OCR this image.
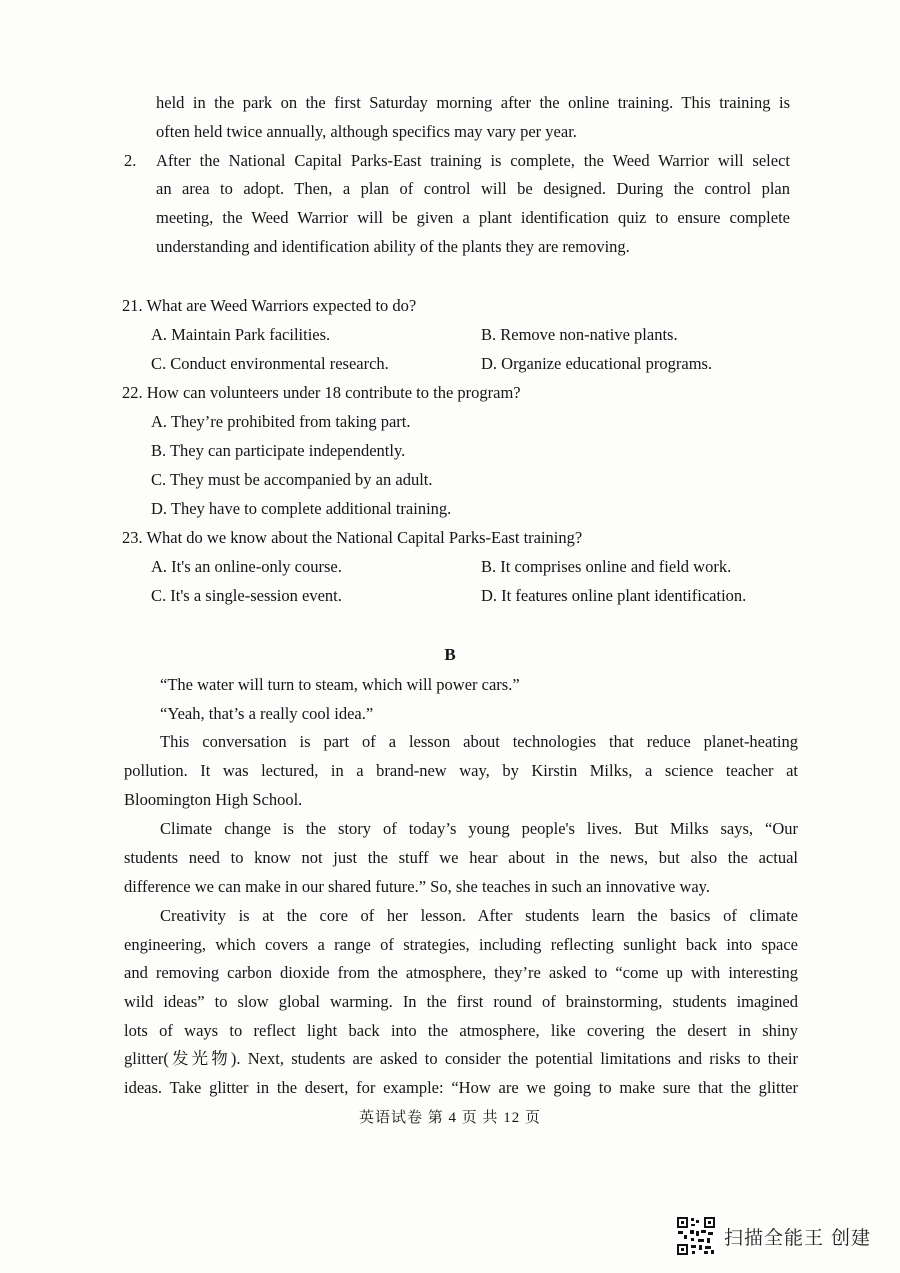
held in the park on the first Saturday morning after the online training. This training is
often held twice annually, although specifics may vary per year.
2. After the National Capital Parks-East training is complete, the Weed Warrior will select
an area to adopt. Then, a plan of control will be designed. During the control plan
meeting, the Weed Warrior will be given a plant identification quiz to ensure complete
understanding and identification ability of the plants they are removing.
21. What are Weed Warriors expected to do?
A. Maintain Park facilities.	B. Remove non-native plants.
C. Conduct environmental research.	D. Organize educational programs.
22. How can volunteers under 18 contribute to the program?
A. They’re prohibited from taking part.
B. They can participate independently.
C. They must be accompanied by an adult.
D. They have to complete additional training.
23. What do we know about the National Capital Parks-East training?
A. It's an online-only course.	B. It comprises online and field work.
C. It's a single-session event.	D. It features online plant identification.
B
“The water will turn to steam, which will power cars.”
“Yeah, that’s a really cool idea.”
This conversation is part of a lesson about technologies that reduce planet-heating
pollution. It was lectured, in a brand-new way, by Kirstin Milks, a science teacher at
Bloomington High School.
Climate change is the story of today’s young people's lives. But Milks says, “Our
students need to know not just the stuff we hear about in the news, but also the actual
difference we can make in our shared future.” So, she teaches in such an innovative way.
Creativity is at the core of her lesson. After students learn the basics of climate
engineering, which covers a range of strategies, including reflecting sunlight back into space
and removing carbon dioxide from the atmosphere, they’re asked to “come up with interesting
wild ideas” to slow global warming. In the first round of brainstorming, students imagined
lots of ways to reflect light back into the atmosphere, like covering the desert in shiny
glitter(发光物). Next, students are asked to consider the potential limitations and risks to their
ideas. Take glitter in the desert, for example: “How are we going to make sure that the glitter
英语试卷 第 4 页 共 12 页
扫描全能王 创建
